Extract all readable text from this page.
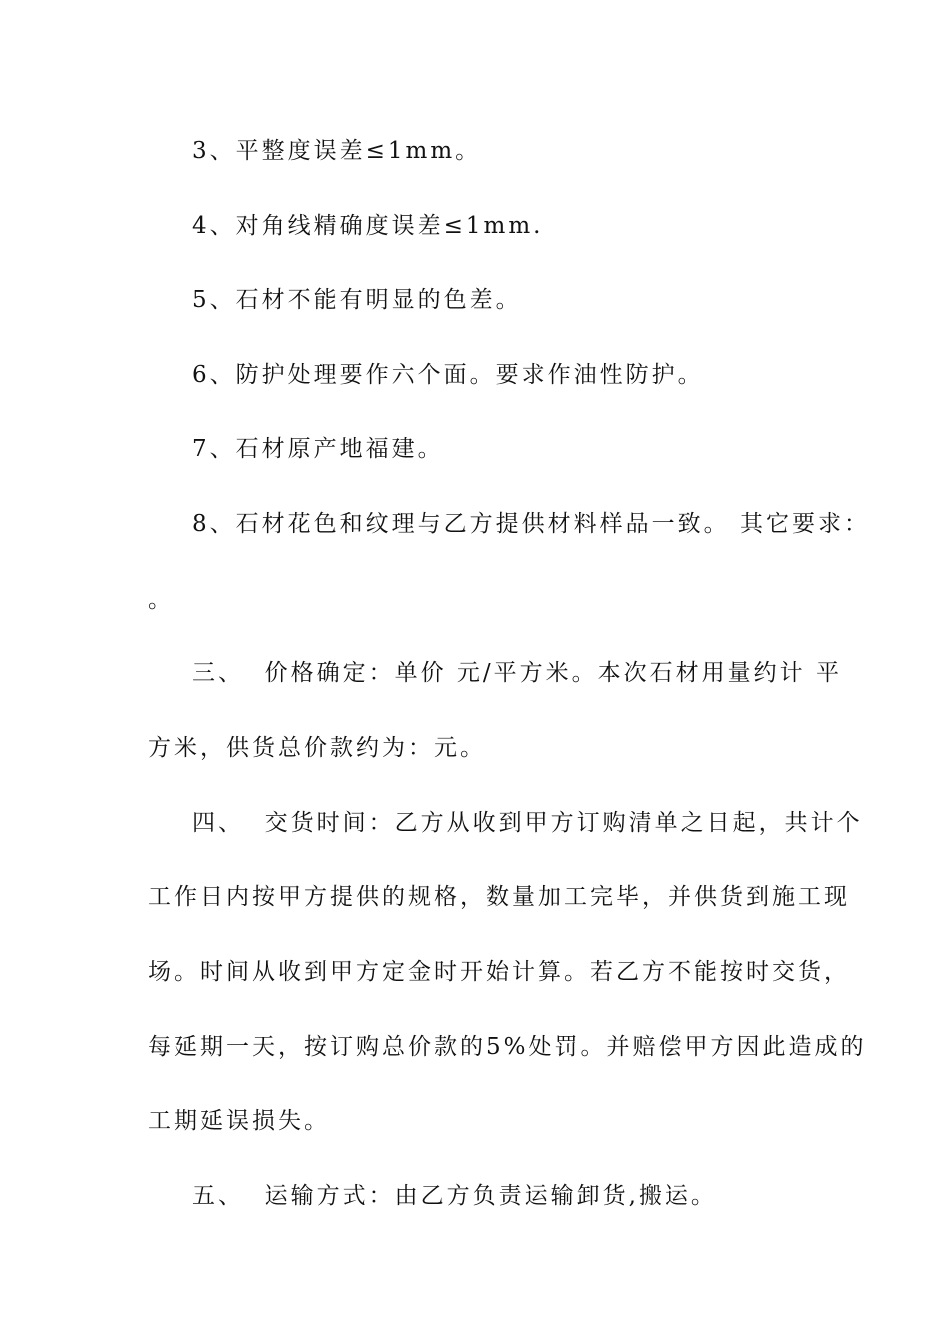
3、平整度误差≤1mm。
4、对角线精确度误差≤1mm.
5、石材不能有明显的色差。
6、防护处理要作六个面。要求作油性防护。
7、石材原产地福建。
8、石材花色和纹理与乙方提供材料样品一致。 其它要求：
。
三、  价格确定：单价 元/平方米。本次石材用量约计 平
方米，供货总价款约为：元。
四、  交货时间：乙方从收到甲方订购清单之日起，共计个
工作日内按甲方提供的规格，数量加工完毕，并供货到施工现
场。时间从收到甲方定金时开始计算。若乙方不能按时交货，
每延期一天，按订购总价款的5%处罚。并赔偿甲方因此造成的
工期延误损失。
五、  运输方式：由乙方负责运输卸货,搬运。
